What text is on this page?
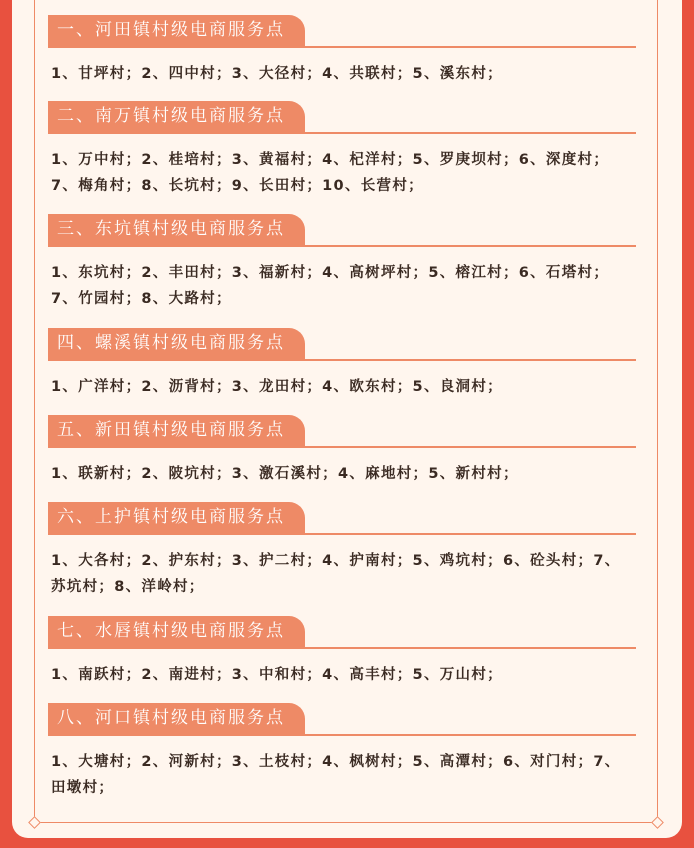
一、河田镇村级电商服务点

1、甘坪村；2、四中村；3、大径村；4、共联村；5、溪东村；

二、南万镇村级电商服务点

1、万中村；2、桂培村；3、黄福村；4、杞洋村；5、罗庚坝村；6、深度村；7、梅角村；8、长坑村；9、长田村；10、长营村；

三、东坑镇村级电商服务点

1、东坑村；2、丰田村；3、福新村；4、高树坪村；5、榕江村；6、石塔村；7、竹园村；8、大路村；

四、螺溪镇村级电商服务点

1、广洋村；2、沥背村；3、龙田村；4、欧东村；5、良洞村；

五、新田镇村级电商服务点

1、联新村；2、陂坑村；3、激石溪村；4、麻地村；5、新村村；

六、上护镇村级电商服务点

1、大各村；2、护东村；3、护二村；4、护南村；5、鸡坑村；6、砼头村；7、苏坑村；8、洋岭村；

七、水唇镇村级电商服务点

1、南跃村；2、南进村；3、中和村；4、高丰村；5、万山村；

八、河口镇村级电商服务点

1、大塘村；2、河新村；3、土枝村；4、枫树村；5、高潭村；6、对门村；7、田墩村；
